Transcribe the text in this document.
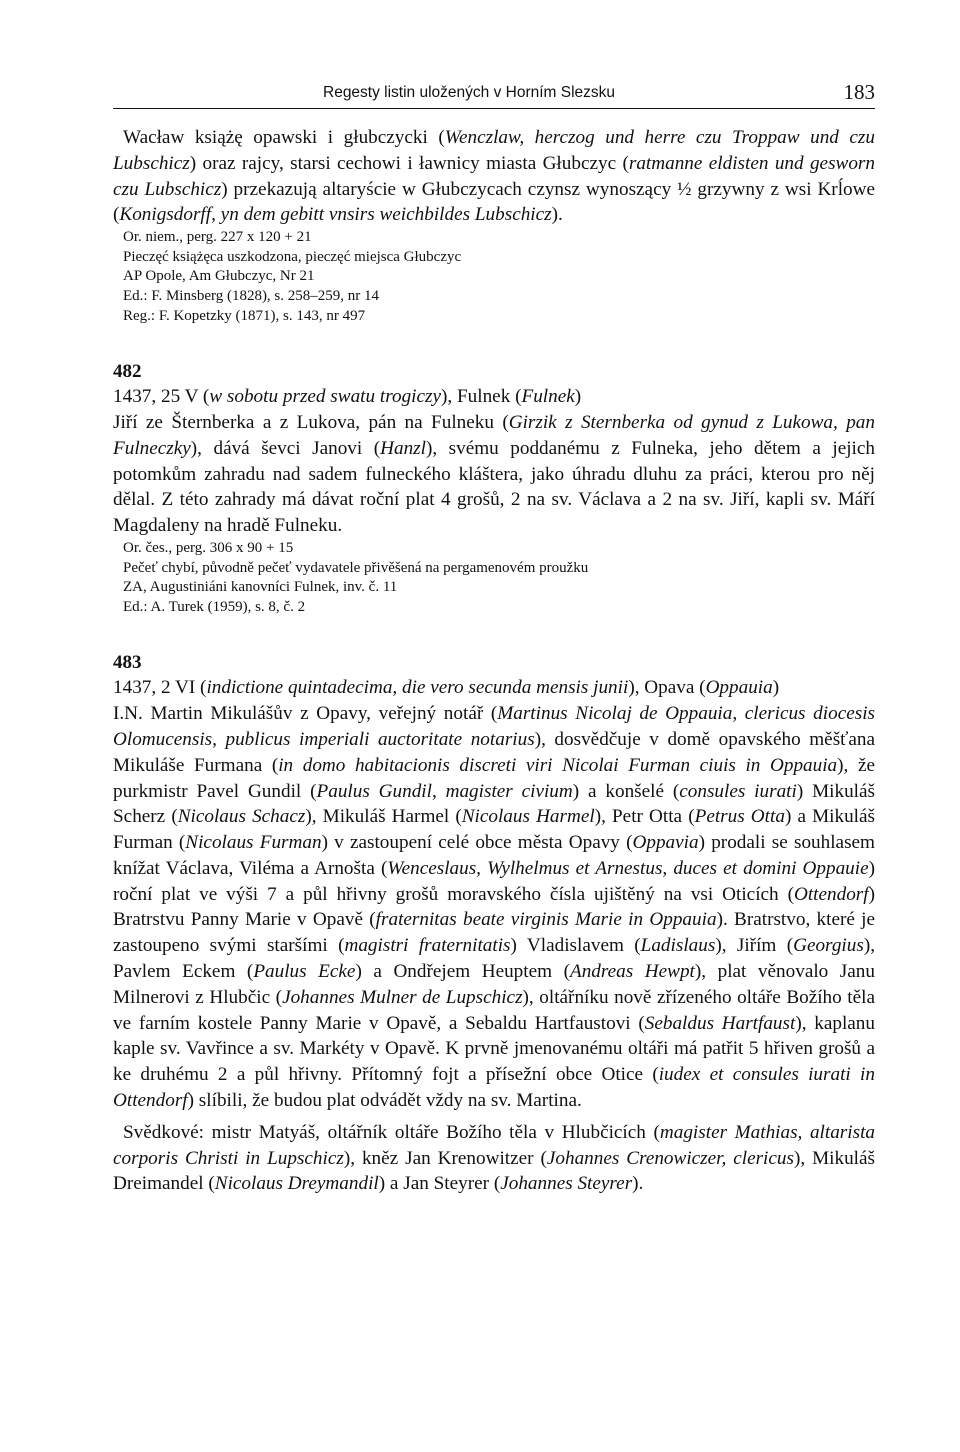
Regesty listin uložených v Horním Slezsku	183

Wacław książę opawski i głubczycki (Wenczlaw, herczog und herre czu Troppaw und czu Lubschicz) oraz rajcy, starsi cechowi i ławnicy miasta Głubczyc (ratmanne eldisten und gesworn czu Lubschicz) przekazują altaryście w Głubczycach czynsz wynoszący ½ grzywny z wsi Krĺowe (Konigsdorff, yn dem gebitt vnsirs weichbildes Lubschicz).

Or. niem., perg. 227 x 120 + 21

Pieczęć książęca uszkodzona, pieczęć miejsca Głubczyc

AP Opole, Am Głubczyc, Nr 21

Ed.: F. Minsberg (1828), s. 258–259, nr 14

Reg.: F. Kopetzky (1871), s. 143, nr 497

482

1437, 25 V (w sobotu przed swatu trogiczy), Fulnek (Fulnek)

Jiří ze Šternberka a z Lukova, pán na Fulneku (Girzik z Sternberka od gynud z Lukowa, pan Fulneczky), dává ševci Janovi (Hanzl), svému poddanému z Fulneka, jeho dětem a jejich potomkům zahradu nad sadem fulneckého kláštera, jako úhradu dluhu za práci, kterou pro něj dělal. Z této zahrady má dávat roční plat 4 grošů, 2 na sv. Václava a 2 na sv. Jiří, kapli sv. Máří Magdaleny na hradě Fulneku.

Or. čes., perg. 306 x 90 + 15

Pečeť chybí, původně pečeť vydavatele přivěšená na pergamenovém proužku

ZA, Augustiniáni kanovníci Fulnek, inv. č. 11

Ed.: A. Turek (1959), s. 8, č. 2

483

1437, 2 VI (indictione quintadecima, die vero secunda mensis junii), Opava (Oppauia)

I.N. Martin Mikulášův z Opavy, veřejný notář (Martinus Nicolaj de Oppauia, clericus diocesis Olomucensis, publicus imperiali auctoritate notarius), dosvědčuje v domě opavského měšťana Mikuláše Furmana (in domo habitacionis discreti viri Nicolai Furman ciuis in Oppauia), že purkmistr Pavel Gundil (Paulus Gundil, magister civium) a konšelé (consules iurati) Mikuláš Scherz (Nicolaus Schacz), Mikuláš Harmel (Nicolaus Harmel), Petr Otta (Petrus Otta) a Mikuláš Furman (Nicolaus Furman) v zastoupení celé obce města Opavy (Oppavia) prodali se souhlasem knížat Václava, Viléma a Arnošta (Wenceslaus, Wylhelmus et Arnestus, duces et domini Oppauie) roční plat ve výši 7 a půl hřivny grošů moravského čísla ujištěný na vsi Oticích (Ottendorf) Bratrstvu Panny Marie v Opavě (fraternitas beate virginis Marie in Oppauia). Bratrstvo, které je zastoupeno svými staršími (magistri fraternitatis) Vladislavem (Ladislaus), Jiřím (Georgius), Pavlem Eckem (Paulus Ecke) a Ondřejem Heuptem (Andreas Hewpt), plat věnovalo Janu Milnerovi z Hlubčic (Johannes Mulner de Lupschicz), oltářníku nově zřízeného oltáře Božího těla ve farním kostele Panny Marie v Opavě, a Sebaldu Hartfaustovi (Sebaldus Hartfaust), kaplanu kaple sv. Vavřince a sv. Markéty v Opavě. K prvně jmenovanému oltáři má patřit 5 hřiven grošů a ke druhému 2 a půl hřivny. Přítomný fojt a přísežní obce Otice (iudex et consules iurati in Ottendorf) slíbili, že budou plat odvádět vždy na sv. Martina.

Svědkové: mistr Matyáš, oltářník oltáře Božího těla v Hlubčicích (magister Mathias, altarista corporis Christi in Lupschicz), kněz Jan Krenowitzer (Johannes Crenowiczer, clericus), Mikuláš Dreimandel (Nicolaus Dreymandil) a Jan Steyrer (Johannes Steyrer).
